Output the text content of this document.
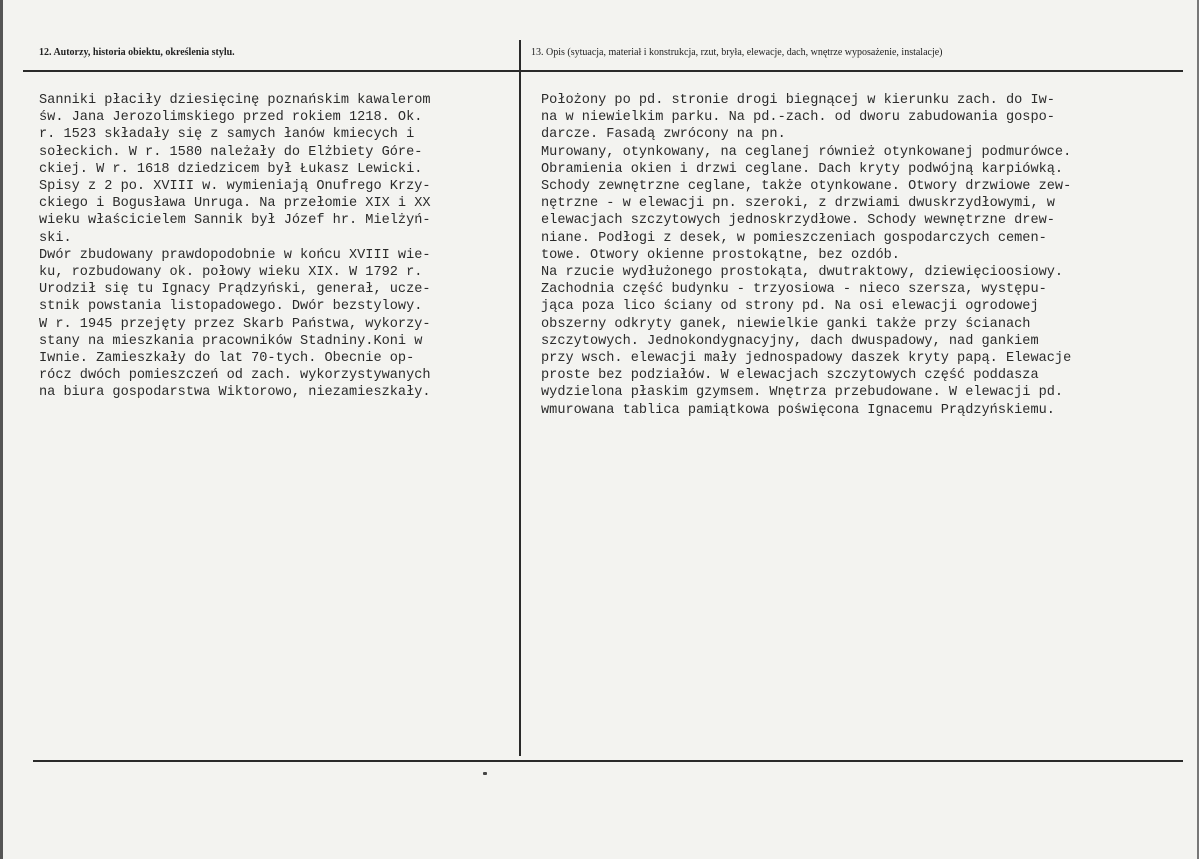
12. Autorzy, historia obiektu, określenia stylu.	13. Opis (sytuacja, materiał i konstrukcja, rzut, bryła, elewacje, dach, wnętrze wyposażenie, instalacje)
Sanniki płaciły dziesięcinę poznańskim kawalerom
św. Jana Jerozolimskiego przed rokiem 1218. Ok.
r. 1523 składały się z samych łanów kmiecych i
sołeckich. W r. 1580 należały do Elżbiety Góre-
ckiej. W r. 1618 dziedzicem był Łukasz Lewicki.
Spisy z 2 po. XVIII w. wymieniają Onufrego Krzy-
ckiego i Bogusława Unruga. Na przełomie XIX i XX
wieku właścicielem Sannik był Józef hr. Mielżyń-
ski.
Dwór zbudowany prawdopodobnie w końcu XVIII wie-
ku, rozbudowany ok. połowy wieku XIX. W 1792 r.
Urodził się tu Ignacy Prądzyński, generał, ucze-
stnik powstania listopadowego. Dwór bezstylowy.
W r. 1945 przejęty przez Skarb Państwa, wykorzy-
stany na mieszkania pracowników Stadniny.Koni w
Iwnie. Zamieszkały do lat 70-tych. Obecnie op-
rócz dwóch pomieszczeń od zach. wykorzystywanych
na biura gospodarstwa Wiktorowo, niezamieszkały.
Położony po pd. stronie drogi biegnącej w kierunku zach. do Iw-
na w niewielkim parku. Na pd.-zach. od dworu zabudowania gospo-
darcze. Fasadą zwrócony na pn.
Murowany, otynkowany, na ceglanej również otynkowanej podmurówce.
Obramienia okien i drzwi ceglane. Dach kryty podwójną karpiówką.
Schody zewnętrzne ceglane, także otynkowane. Otwory drzwiowe zew-
nętrzne - w elewacji pn. szeroki, z drzwiami dwuskrzydłowymi, w
elewacjach szczytowych jednoskrzydłowe. Schody wewnętrzne drew-
niane. Podłogi z desek, w pomieszczeniach gospodarczych cemen-
towe. Otwory okienne prostokątne, bez ozdób.
Na rzucie wydłużonego prostokąta, dwutraktowy, dziewięcioosiowy.
Zachodnia część budynku - trzyosiowa - nieco szersza, występu-
jąca poza lico ściany od strony pd. Na osi elewacji ogrodowej
obszerny odkryty ganek, niewielkie ganki także przy ścianach
szczytowych. Jednokondygnacyjny, dach dwuspadowy, nad gankiem
przy wsch. elewacji mały jednospadowy daszek kryty papą. Elewacje
proste bez podziałów. W elewacjach szczytowych część poddasza
wydzielona płaskim gzymsem. Wnętrza przebudowane. W elewacji pd.
wmurowana tablica pamiątkowa poświęcona Ignacemu Prądzyńskiemu.
